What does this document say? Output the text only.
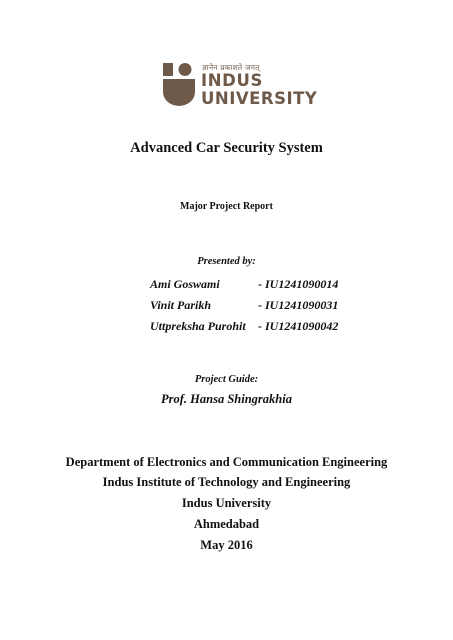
ज्ञानेन प्रकाशते जगत्
INDUS
UNIVERSITY
Advanced Car Security System
Major Project Report
Presented by:
Ami Goswami	- IU1241090014
Vinit Parikh	- IU1241090031
Uttpreksha Purohit	- IU1241090042
Project Guide:
Prof. Hansa Shingrakhia
Department of Electronics and Communication Engineering
Indus Institute of Technology and Engineering
Indus University
Ahmedabad
May 2016
